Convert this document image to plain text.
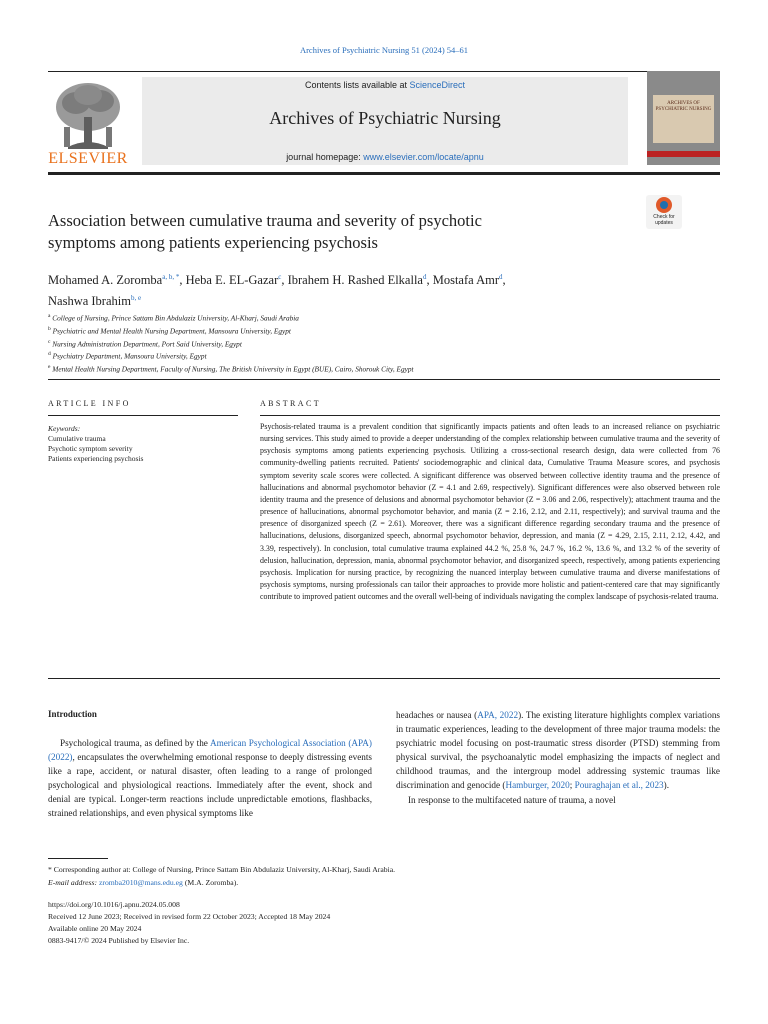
Archives of Psychiatric Nursing 51 (2024) 54–61
ELSEVIER
Contents lists available at ScienceDirect
Archives of Psychiatric Nursing
journal homepage: www.elsevier.com/locate/apnu
ARCHIVES OF PSYCHIATRIC NURSING
Check for
updates
Association between cumulative trauma and severity of psychotic
symptoms among patients experiencing psychosis
Mohamed A. Zoromba$^{a, b, *}$, Heba E. EL-Gazar$^c$, Ibrahem H. Rashed Elkalla$^d$, Mostafa Amr$^d$,
Nashwa Ibrahim$^{b, e}$
$^a$ College of Nursing, Prince Sattam Bin Abdulaziz University, Al-Kharj, Saudi Arabia
$^b$ Psychiatric and Mental Health Nursing Department, Mansoura University, Egypt
$^c$ Nursing Administration Department, Port Said University, Egypt
$^d$ Psychiatry Department, Mansoura University, Egypt
$^e$ Mental Health Nursing Department, Faculty of Nursing, The British University in Egypt (BUE), Cairo, Shorouk City, Egypt
ARTICLE INFO
Keywords:
Cumulative trauma
Psychotic symptom severity
Patients experiencing psychosis
ABSTRACT
Psychosis-related trauma is a prevalent condition that significantly impacts patients and often leads to an increased reliance on psychiatric nursing services. This study aimed to provide a deeper understanding of the complex relationship between cumulative trauma and the severity of psychosis symptoms among patients experiencing psychosis. Utilizing a cross-sectional research design, data were collected from 76 community-dwelling patients recruited. Patients' sociodemographic and clinical data, Cumulative Trauma Measure scores, and psychosis symptom severity scale scores were collected. A significant difference was observed between collective identity trauma and the presence of hallucinations and abnormal psychomotor behavior (Z = 4.1 and 2.69, respectively). Significant differences were also observed between role identity trauma and the presence of delusions and abnormal psychomotor behavior (Z = 3.06 and 2.06, respectively); attachment trauma and the presence of hallucinations, abnormal psychomotor behavior, and mania (Z = 2.16, 2.12, and 2.11, respectively); and survival trauma and the presence of disorganized speech (Z = 2.61). Moreover, there was a significant difference regarding secondary trauma and the presence of hallucinations, delusions, disorganized speech, abnormal psychomotor behavior, depression, and mania (Z = 4.29, 2.15, 2.11, 2.12, 4.42, and 3.39, respectively). In conclusion, total cumulative trauma explained 44.2 %, 25.8 %, 24.7 %, 16.2 %, 13.6 %, and 13.2 % of the severity of delusion, hallucination, depression, mania, abnormal psychomotor behavior, and disorganized speech, respectively, among patients experiencing psychosis. Implication for nursing practice, by recognizing the nuanced interplay between cumulative trauma and diverse manifestations of psychosis symptoms, nursing professionals can tailor their approaches to provide more holistic and patient-centered care that may significantly contribute to improved patient outcomes and the overall well-being of individuals navigating the complex landscape of psychosis-related trauma.
Introduction

Psychological trauma, as defined by the American Psychological Association (APA) (2022), encapsulates the overwhelming emotional response to deeply distressing events like a rape, accident, or natural disaster, often leading to a range of prolonged psychological and physiological reactions. Immediately after the event, shock and denial are typical. Longer-term reactions include unpredictable emotions, flashbacks, strained relationships, and even physical symptoms like

headaches or nausea (APA, 2022). The existing literature highlights complex variations in traumatic experiences, leading to the development of three major trauma models: the psychiatric model focusing on post-traumatic stress disorder (PTSD) stemming from physical survival, the psychoanalytic model emphasizing the impacts of neglect and childhood traumas, and the intergroup model addressing systemic traumas like discrimination and genocide (Hamburger, 2020; Pouraghajan et al., 2023).

In response to the multifaceted nature of trauma, a novel

* Corresponding author at: College of Nursing, Prince Sattam Bin Abdulaziz University, Al-Kharj, Saudi Arabia.
E-mail address: zromba2010@mans.edu.eg (M.A. Zoromba).
https://doi.org/10.1016/j.apnu.2024.05.008
Received 12 June 2023; Received in revised form 22 October 2023; Accepted 18 May 2024
Available online 20 May 2024
0883-9417/© 2024 Published by Elsevier Inc.
